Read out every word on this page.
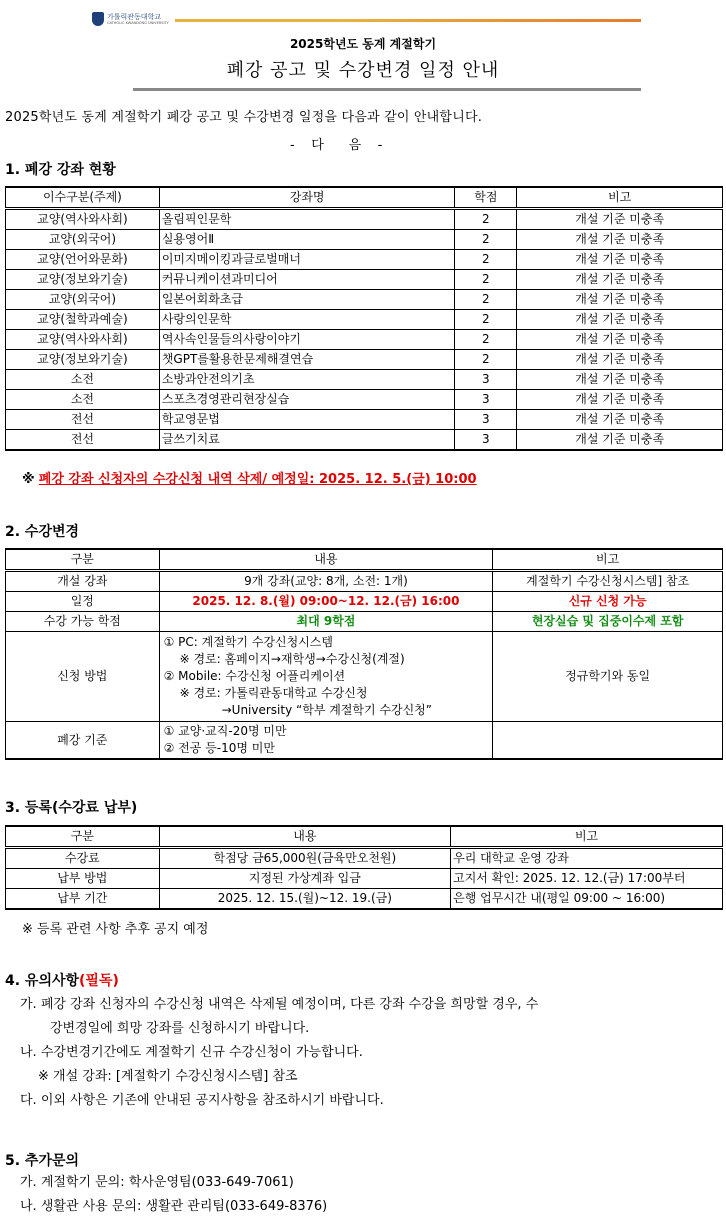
가톨릭관동대학교
CATHOLIC KWANDONG UNIVERSITY
2025학년도 동계 계절학기
폐강 공고 및 수강변경 일정 안내
2025학년도 동계 계절학기 폐강 공고 및 수강변경 일정을 다음과 같이 안내합니다.
-    다      음    -
1. 폐강 강좌 현황
이수구분(주제)	강좌명	학점	비고
교양(역사와사회)	올림픽인문학	2	개설 기준 미충족
교양(외국어)	실용영어Ⅱ	2	개설 기준 미충족
교양(언어와문화)	이미지메이킹과글로벌매너	2	개설 기준 미충족
교양(정보와기술)	커뮤니케이션과미디어	2	개설 기준 미충족
교양(외국어)	일본어회화초급	2	개설 기준 미충족
교양(철학과예술)	사랑의인문학	2	개설 기준 미충족
교양(역사와사회)	역사속인물들의사랑이야기	2	개설 기준 미충족
교양(정보와기술)	챗GPT를활용한문제해결연습	2	개설 기준 미충족
소전	소방과안전의기초	3	개설 기준 미충족
소전	스포츠경영관리현장실습	3	개설 기준 미충족
전선	학교영문법	3	개설 기준 미충족
전선	글쓰기치료	3	개설 기준 미충족
※ 폐강 강좌 신청자의 수강신청 내역 삭제/ 예정일: 2025. 12. 5.(금) 10:00
2. 수강변경
구분	내용	비고
개설 강좌	9개 강좌(교양: 8개, 소전: 1개)	계절학기 수강신청시스템] 참조
일정	2025. 12. 8.(월) 09:00~12. 12.(금) 16:00	신규 신청 가능
수강 가능 학점	최대 9학점	현장실습 및 집중이수제 포함
신청 방법	① PC: 계절학기 수강신청시스템
※ 경로: 홈페이지→재학생→수강신청(계절)
② Mobile: 수강신청 어플리케이션
※ 경로: 가톨릭관동대학교 수강신청
→University “학부 계절학기 수강신청”	정규학기와 동일
폐강 기준	① 교양·교직-20명 미만
② 전공 등-10명 미만	

3. 등록(수강료 납부)
구분	내용	비고
수강료	학점당 금65,000원(금육만오천원)	우리 대학교 운영 강좌
납부 방법	지정된 가상계좌 입금	고지서 확인: 2025. 12. 12.(금) 17:00부터
납부 기간	2025. 12. 15.(월)~12. 19.(금)	은행 업무시간 내(평일 09:00 ~ 16:00)
※ 등록 관련 사항 추후 공지 예정
4. 유의사항(필독)
가. 폐강 강좌 신청자의 수강신청 내역은 삭제될 예정이며, 다른 강좌 수강을 희망할 경우, 수
강변경일에 희망 강좌를 신청하시기 바랍니다.
나. 수강변경기간에도 계절학기 신규 수강신청이 가능합니다.
※ 개설 강좌: [계절학기 수강신청시스템] 참조
다. 이외 사항은 기존에 안내된 공지사항을 참조하시기 바랍니다.
5. 추가문의
가. 계절학기 문의: 학사운영팀(033-649-7061)
나. 생활관 사용 문의: 생활관 관리팀(033-649-8376)
